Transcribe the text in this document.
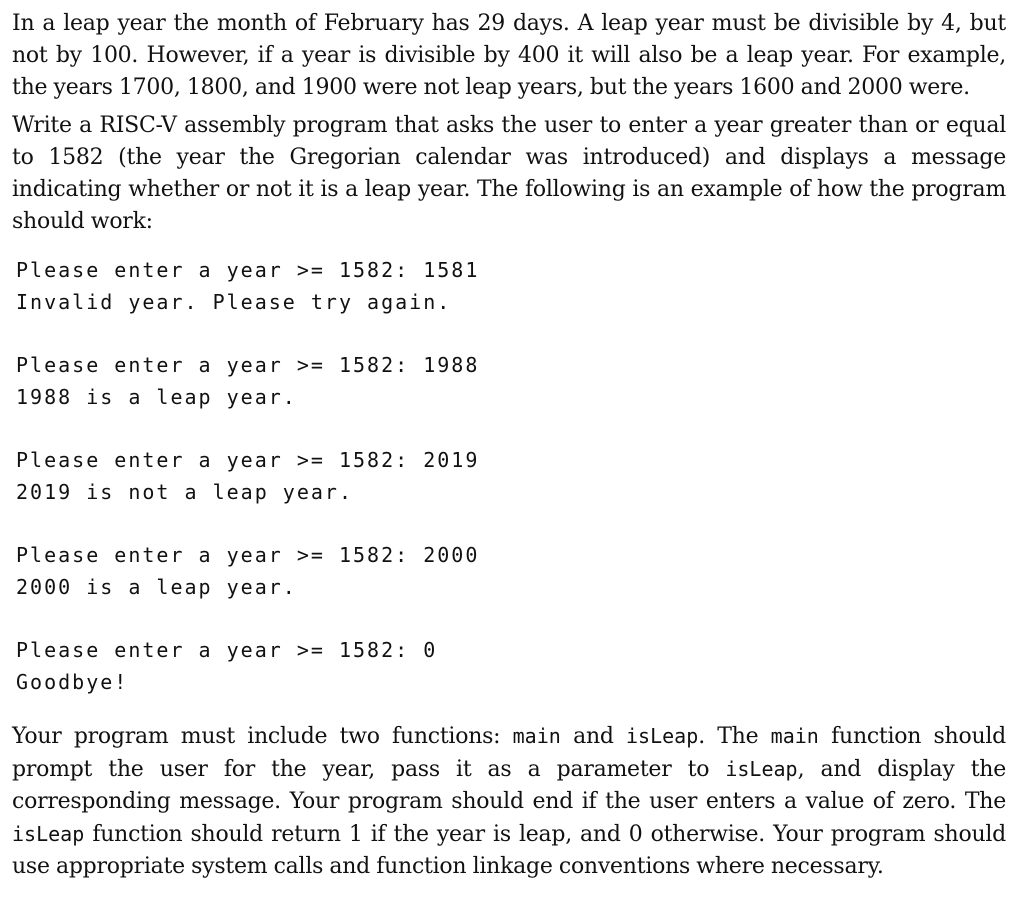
In a leap year the month of February has 29 days. A leap year must be divisible by 4, but not by 100. However, if a year is divisible by 400 it will also be a leap year. For example, the years 1700, 1800, and 1900 were not leap years, but the years 1600 and 2000 were.

Write a RISC-V assembly program that asks the user to enter a year greater than or equal to 1582 (the year the Gregorian calendar was introduced) and displays a message indicating whether or not it is a leap year. The following is an example of how the program should work:

Please enter a year >= 1582: 1581
Invalid year. Please try again.
Please enter a year >= 1582: 1988
1988 is a leap year.
Please enter a year >= 1582: 2019
2019 is not a leap year.
Please enter a year >= 1582: 2000
2000 is a leap year.
Please enter a year >= 1582: 0
Goodbye!

Your program must include two functions: main and isLeap. The main function should prompt the user for the year, pass it as a parameter to isLeap, and display the corresponding message. Your program should end if the user enters a value of zero. The isLeap function should return 1 if the year is leap, and 0 otherwise. Your program should use appropriate system calls and function linkage conventions where necessary.
